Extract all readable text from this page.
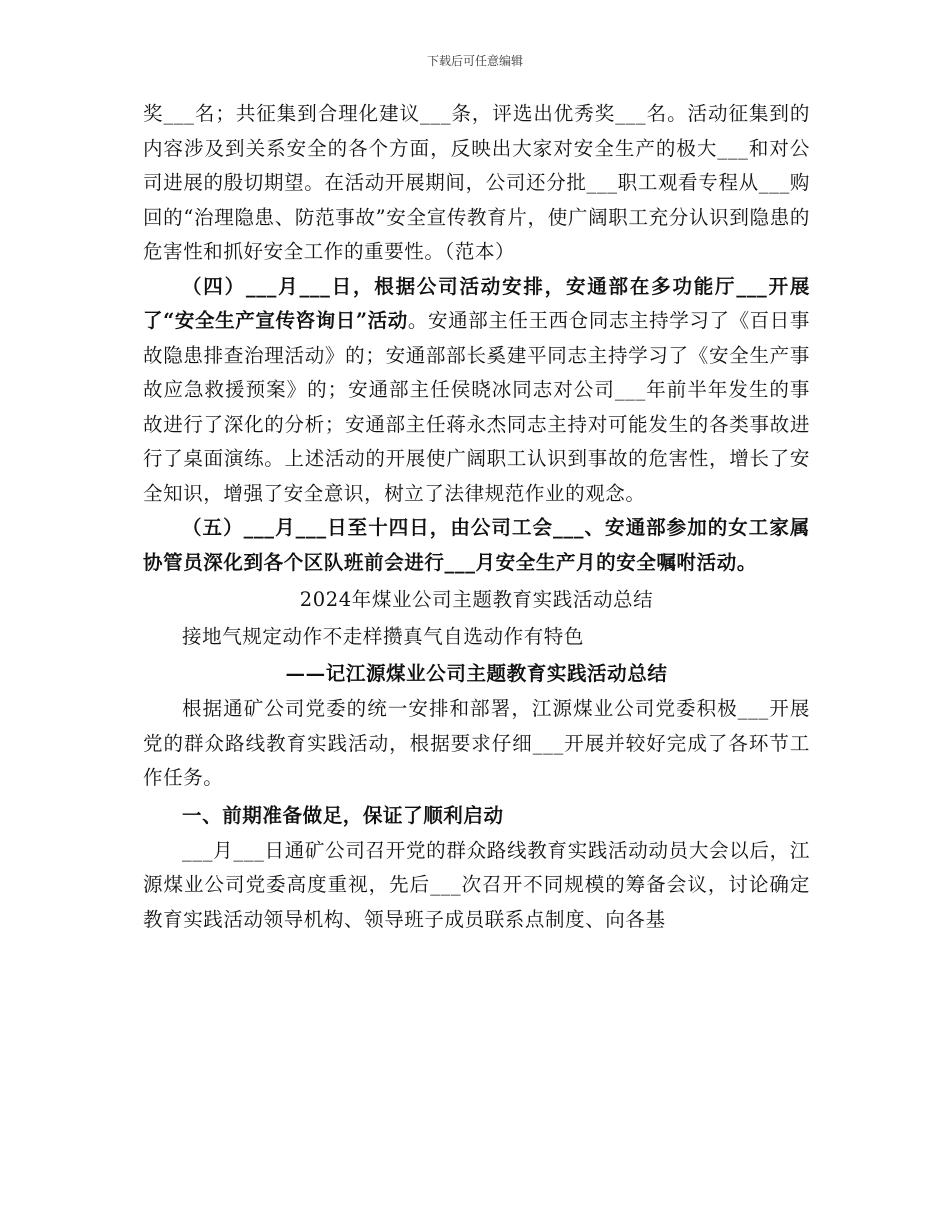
下载后可任意编辑

奖___名；共征集到合理化建议___条，评选出优秀奖___名。活动征集到的内容涉及到关系安全的各个方面，反映出大家对安全生产的极大___和对公司进展的殷切期望。在活动开展期间，公司还分批___职工观看专程从___购回的“治理隐患、防范事故”安全宣传教育片，使广阔职工充分认识到隐患的危害性和抓好安全工作的重要性。（范本）

（四）___月___日，根据公司活动安排，安通部在多功能厅___开展了“安全生产宣传咨询日”活动。安通部主任王西仓同志主持学习了《百日事故隐患排查治理活动》的；安通部部长奚建平同志主持学习了《安全生产事故应急救援预案》的；安通部主任侯晓冰同志对公司___年前半年发生的事故进行了深化的分析；安通部主任蒋永杰同志主持对可能发生的各类事故进行了桌面演练。上述活动的开展使广阔职工认识到事故的危害性，增长了安全知识，增强了安全意识，树立了法律规范作业的观念。

（五）___月___日至十四日，由公司工会___、安通部参加的女工家属协管员深化到各个区队班前会进行___月安全生产月的安全嘱咐活动。

2024年煤业公司主题教育实践活动总结

接地气规定动作不走样攒真气自选动作有特色

——记江源煤业公司主题教育实践活动总结

根据通矿公司党委的统一安排和部署，江源煤业公司党委积极___开展党的群众路线教育实践活动，根据要求仔细___开展并较好完成了各环节工作任务。

一、前期准备做足，保证了顺利启动

___月___日通矿公司召开党的群众路线教育实践活动动员大会以后，江源煤业公司党委高度重视，先后___次召开不同规模的筹备会议，讨论确定教育实践活动领导机构、领导班子成员联系点制度、向各基
